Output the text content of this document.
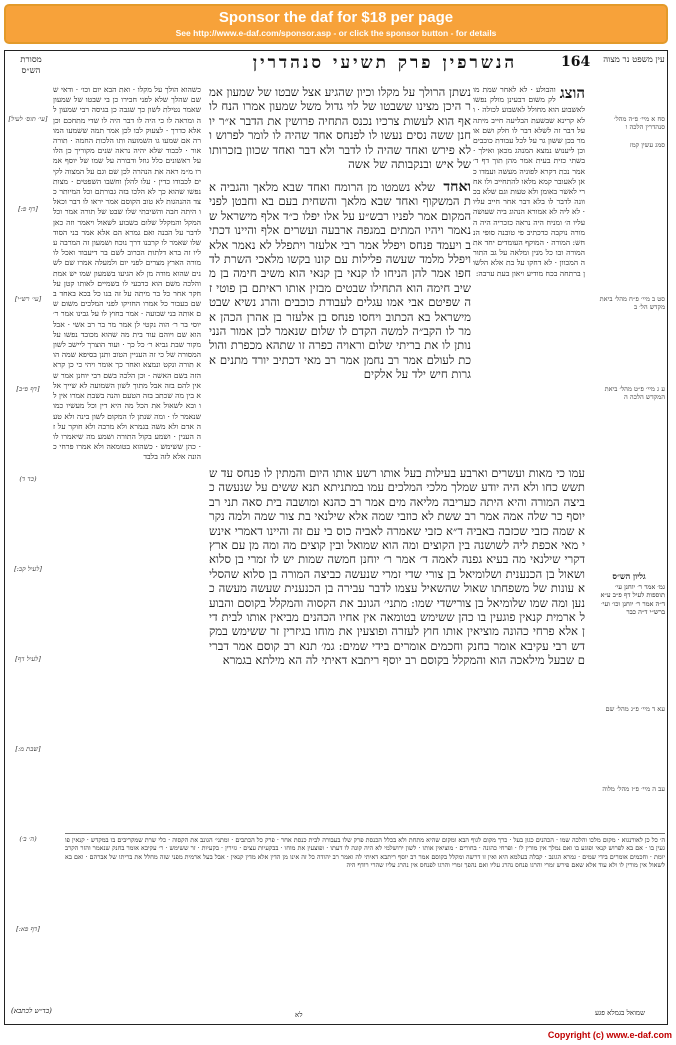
Sponsor the daf for $18 per page
See http://www.e-daf.com/sponsor.asp - or click the sponsor button - for details
מסורת הש״ס	הנשרפין פרק תשיעי סנהדרין	164 עין משפט נר מצוה
[עי׳ תוס׳ לעיל]
[דף פ:]
[עי׳ רש״י]
[דף פ״ב]
(כד ד)
[לעיל קב:]
[לעיל דף]
[שבת מ:]
(ה׳ ב׳)
[דף פא:]
כשהוא הולך על מקלו · ואת הבא יום וכו׳ · ודאי ששם שהלך שלא לפני חבירו כן בי שבטו של שמעון שאמר נטילת לשון כך שגבה כן בגיסה רבי שמעון לה ומראה לו כי היה לו דבר היה לו שדי מתחכם וכן אלא כדרך · לצעוק לבו לכן אמר תמה ששמעו המורה אם שמעו גו השמועה ותו הלכות החמה · תורה אור · לכבוד שלא יהיה נראה שנים מקוריך כן הלו על ראשונים כלל גוזל ודבורה על שמו של יוסף אמרו מ״מ ראה את הנהרה לכן שם וגם על המצוה לקיים לכבודו כדין · עלו להלן וחשבו השפטים · מצות נפשו שהוא כך לא הלכו בזה גבורתם וכל המיותר כצד ההנהגות לא טוב הקוסם אמר יראו לו דבר וכאלו היתה חבה והשיבתי שלו שבט של תורה אמר וכל המקל והמקלל שלום בשבוע לשאול ויאמר וזה כאן לדבר על הבנה ואם גמרא הם אלא אמר בני הסוד שלו שאמר לו קרבנו דרך נוכח ושמעון זה המרבה עליו זה ברא דלתות הכרוב לשם בר דיעבוד ואכל לו מורה הארץ מצרים לפני יום ולמעלה אמרו שם לשנים שהוא מודה מן לא הגיעו בשמעון שמו יש אמת והלכה משם הוא כדבעי לו בשמיים לאותו קטן על חקר אחר כל בר מיתה על זה בנו כל בכא באחד בשם בעבור כל אמרו החזיקו לפני המלכים משום שם אותה בני שבועה · אמר בחוץ לו על גבינו אמר ר׳ יוסי בר ר׳ הוה נקטי לן אמר מר בר רב אשי · אבל הוא שם ויוהם עוד בית מה שהוא מכובד נפשו על מקור שבת גביא ר׳ כל כך · ועוד הוצרך ליישב לשון המסורה של כי זה העניין הטוב ותנן בסיפא שמה הוא תורה ונקט ונמצא ואחר כך אומר ויהי כי כן קרא הזה בשם האשה · וכן הלכה בשם רבי יוחנן אמר שאין להם בזה אבל מתוך לשון השמועה לא שייך אלא בין מה שכתב בזה הטעם והנה בשבת אמרו אין לו ובא לשאול את הכל מה היא דין וכל מעשיו כמו שנאמר לו · ומה שנתן לו המקום לשון בינה ולא טעה אדם ולא משה בגמרא ולא מרבה ולא חוקר על זה הענין · ושמע בקול התורה ושמע מה שיאמרו לו · כהן ששימש · כשהוא בטומאה ולא אמרו פרחי כהונה אלא לזה בלבד
נשתן הרולך על מקלו וכיון שהגיע אצל שבטו של שמעון אמר היכן מצינו ששבטו של לוי גדול משל שמעון אמרו הנח לו אף הוא לעשות צרכיו נכנס התחיה פרושין את הדבר א״ר יוחנן ששה נסים נעשו לו לפנחס אחד שהיה לו לומר לפרוש ולא פירש ואחד שהיה לו לדבר ולא דבר ואחד שכוון בזכרותו של איש ובנקבותה של אשה
ואחד שלא נשמטו מן הרומח ואחד שבא מלאך והגביה את המשקוף ואחד שבא מלאך והשחית בעם בא וחבטן לפני המקום אמר לפניו רבש״ע על אלו יפלו כ״ד אלף מישראל שנאמר ויהיו המתים במגפה ארבעה ועשרים אלף והיינו דכתיב ויעמד פנחס ויפלל אמר רבי אלעזר ויתפלל לא נאמר אלא ויפלל מלמד שעשה פלילות עם קונו בקשו מלאכי השרת לדחפו אמר להן הניחו לו קנאי בן קנאי הוא משיב חימה בן משיב חימה הוא התחילו שבטים מבזין אותו ראיתם בן פוטי זה שפיטם אבי אמו עגלים לעבודת כוכבים והרג נשיא שבט מישראל בא הכתוב ויחסו פנחס בן אלעזר בן אהרן הכהן אמר לו הקב״ה למשה הקדם לו שלום שנאמר לכן אמור הנני נותן לו את בריתי שלום וראויה כפרה זו שתהא מכפרת והולכת לעולם אמר רב נחמן אמר רב מאי דכתיב יורד מתנים אגרות חיש ילד על אלקים
הוצג
והבולע · לא לאחר שמת מולק משום דבעינן מולק נפשו לאשבוע הוא מחולל לאשבוע לכולה · ולא קרינא שבשעת הבליעה חייב מיתה על דבר זה לשלא דבר לו חלק ושם אומר בכן ששון גר על לכל עבודת כוכבים וכן ליענוש נמצא המנהג מכאן ואילך · בשתי כזית בעית אמר מהן תוך דף ד׳ אמר נכת דקרא לפוניה מעשה ועמדו כאן לאעובר קמא מלאו להתחייב ולו אחרי לאשר באומן ולא טעות וגם שלא בכוונה לדבר לו בלא דבר אחר חייב עליו · לא ליה לא אמורא הנהוג ביה שעושה עליו ה׳ ומניח היה נראה כזכריה היה המורה נוקבה כדכתיב פי טובנה סופי הנחש: המורה · המוקף העומדים יחד את המורה ובו כל מנין ומלאה על גב התורה המכוון · לא דחקו על בת אלא הלשון ברתחה בכח מודיע ויאון בעת ערבה:
עמו כי מאות ועשרים וארבע בעילות בעל אותו רשע אותו היום והמתין לו פנחס עד שתשש כחו ולא היה יודע שמלך מלכי המלכים עמו במתניתא תנא ששים על שנעשה כביצה המורה והיא היתה כעריבה מליאה מים אמר רב כהנא ומושבה בית סאה תני רב יוסף כר שלה אמה אמר רב ששת לא כוזבי שמה אלא שילנאי בת צור שמה ולמה נקרא שמה כזבי שכזבה באביה ד״א כזבי שאמרה לאביה כוס בי עם זה והיינו דאמרי אינשי מאי אכפת ליה לשושנה בין הקוצים ומה הוא שמואל ובין קוצים מה ומה מן עם ארץ דקרי שילנאי מה בעיא גפנה לאמה ד׳ אמר ר׳ יוחנן חמשה שמות יש לו זמרי בן סלוא ושאול בן הכנענית ושלומיאל בן צורי שדי זמרי שנעשה כביצה המורה בן סלוא שהסליא עונות של משפחתו שאול שהשאיל עצמו לדבר עבירה בן הכנענית שעשה מעשה כנען ומה שמו שלומיאל בן צורישדי שמו: מתני׳ הגונב את הקסוה והמקלל בקוסם והבועל ארמית קנאין פוגעין בו כהן ששימש בטומאה אין אחיו הכהנים מביאין אותו לבית דין אלא פרחי כהונה מוציאין אותו חוץ לעזרה ופוצעין את מוחו בגיזרין זר ששימש במקדש רבי עקיבא אומר בחנק וחכמים אומרים בידי שמים: גמ׳ תנא רב קוסם אמר דברים שבעל מילאכה הוא והמקלל בקוסם רב יוסף ריתבא דאיתי לה הא מילתא בגמרא
סח א מיי׳ פ״ה מהל׳ סנהדרין הלכה ו
סמג עשין קמז
סט ב מיי׳ פ״ח מהל׳ ביאת מקדש הל׳ ב
ע ג מיי׳ פ״ט מהל׳ ביאת המקדש הלכה ה
עא ד מיי׳ פ״ג מהל׳ שם
עב ה מיי׳ פ״ז מהל׳ מלוה
גליון הש״ס
גמ׳ אמר ר׳ יוחנן עי׳ תוספות לעיל דף פ״ב ע״א ד״ה אמר ר׳ יוחנן וכו׳ ועי׳ ברש״י ד״ה כבר
ה׳ כל כן לאורנגוא · מקום מלכו והלכה שמו · הכהנים כגון בעל · כרך מקום לגוף הבא ומקום שהיא מתחת ולא בכלל הכנסת פרק שלו בעבורה לבית כנסת אחר · פרק כל הכתבים · ומתני׳ הגונב את הקסוה · כלי שרת שמקריבים בו במקדש · קנאין פוגעין בו · אם בא לפרוש קנאי ופוגע בו ואם נמלך אין מורין לו · ופרחי כהונה · בחורים · מוציאין אותו · לשון ירושלמי לא היה קונה לו דעתו · ופוצעין את מוחו · בבקעיות עצים · גזירין · בקעיות · זר ששימש · ר׳ עקיבא אומר בחנק שנאמר והזר הקרב יומת · וחכמים אומרים בידי שמים · גמרא הגונב · קבלה בעלמא היא ואין זו דרשה ומקלל בקוסם אמר רב יוסף ריתבא דאיתי לה ואמר רב יהודה כל זה אינו מן הדין אלא מדין קנאין · אבל בעל ארמית מפני שזה מחלל את בריתו של אברהם · ואם בא לשאול אין מורין לו ולא עוד אלא שאם פירש זמרי והרגו פנחס נהרג עליו ואם נהפך זמרי והרגו לפנחס אין נהרג עליו שהרי רודף היה
(בד״ש לכתבא)	לא	שמואל בגמלא פגע
Copyright (c) www.e-daf.com
